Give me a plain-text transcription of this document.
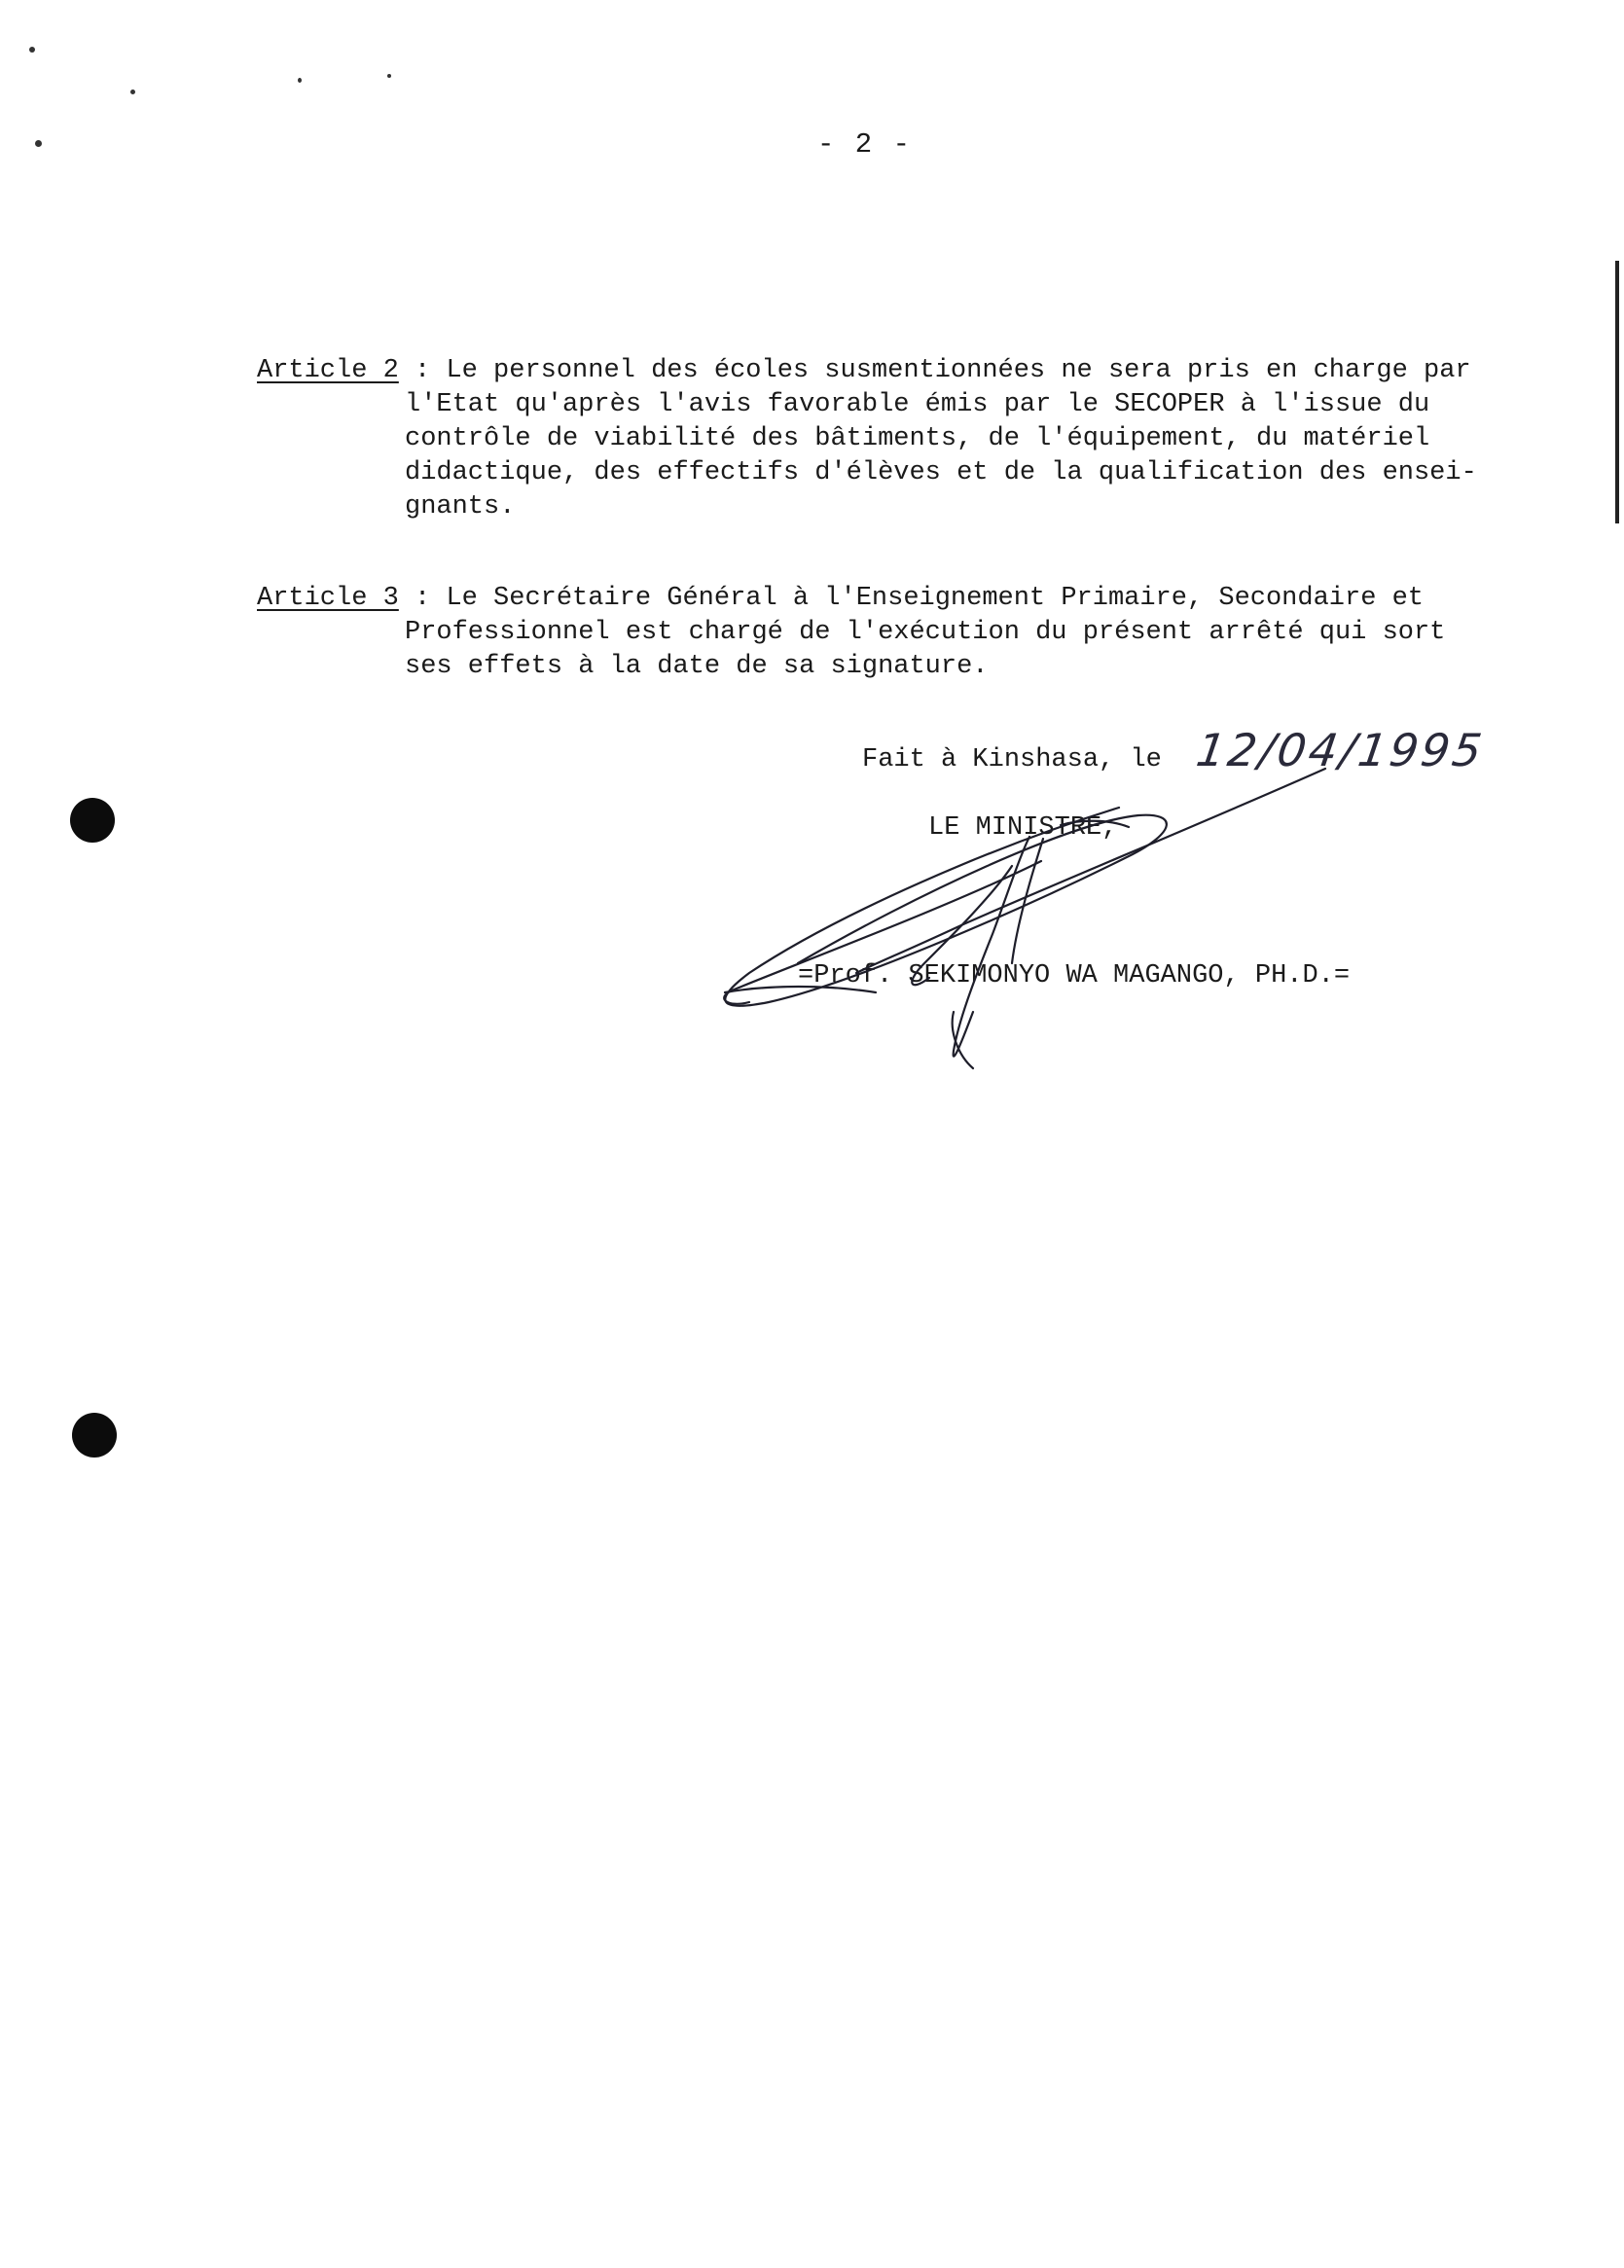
- 2 -
Article 2 : Le personnel des écoles susmentionnées ne sera pris en charge par
l'Etat qu'après l'avis favorable émis par le SECOPER à l'issue du
contrôle de viabilité des bâtiments, de l'équipement, du matériel
didactique, des effectifs d'élèves et de la qualification des ensei-
gnants.
Article 3 : Le Secrétaire Général à l'Enseignement Primaire, Secondaire et
Professionnel est chargé de l'exécution du présent arrêté qui sort
ses effets à la date de sa signature.
Fait à Kinshasa, le 12/04/1995
LE MINISTRE,
=Prof. SEKIMONYO WA MAGANGO, PH.D.=
